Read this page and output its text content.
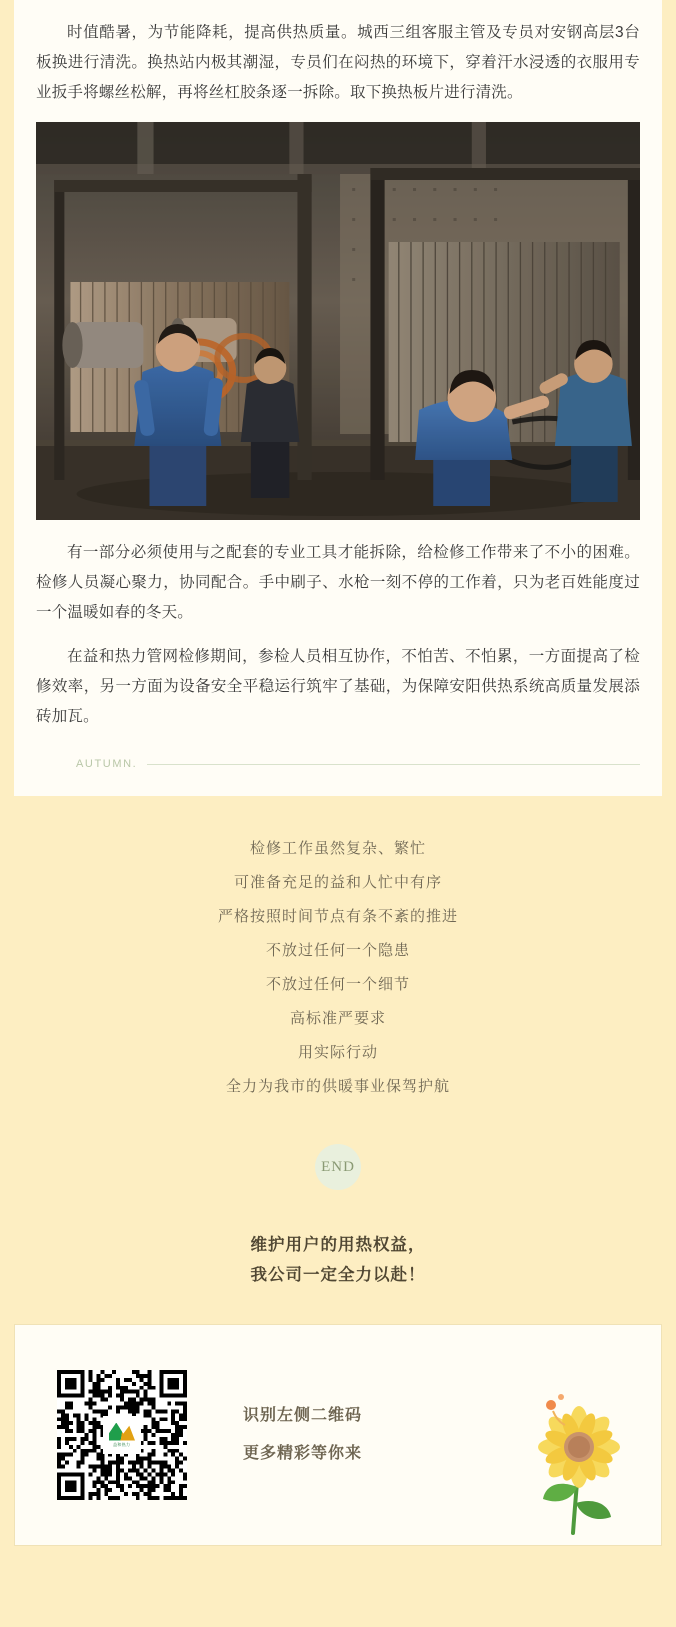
时值酷暑，为节能降耗，提高供热质量。城西三组客服主管及专员对安钢高层3台板换进行清洗。换热站内极其潮湿，专员们在闷热的环境下，穿着汗水浸透的衣服用专业扳手将螺丝松解，再将丝杠胶条逐一拆除。取下换热板片进行清洗。

有一部分必须使用与之配套的专业工具才能拆除，给检修工作带来了不小的困难。检修人员凝心聚力，协同配合。手中刷子、水枪一刻不停的工作着，只为老百姓能度过一个温暖如春的冬天。

在益和热力管网检修期间，参检人员相互协作，不怕苦、不怕累，一方面提高了检修效率，另一方面为设备安全平稳运行筑牢了基础，为保障安阳供热系统高质量发展添砖加瓦。

AUTUMN.
检修工作虽然复杂、繁忙
可准备充足的益和人忙中有序
严格按照时间节点有条不紊的推进
不放过任何一个隐患
不放过任何一个细节
高标准严要求
用实际行动
全力为我市的供暖事业保驾护航
END
维护用户的用热权益，
我公司一定全力以赴！
益和热力
识别左侧二维码
更多精彩等你来
